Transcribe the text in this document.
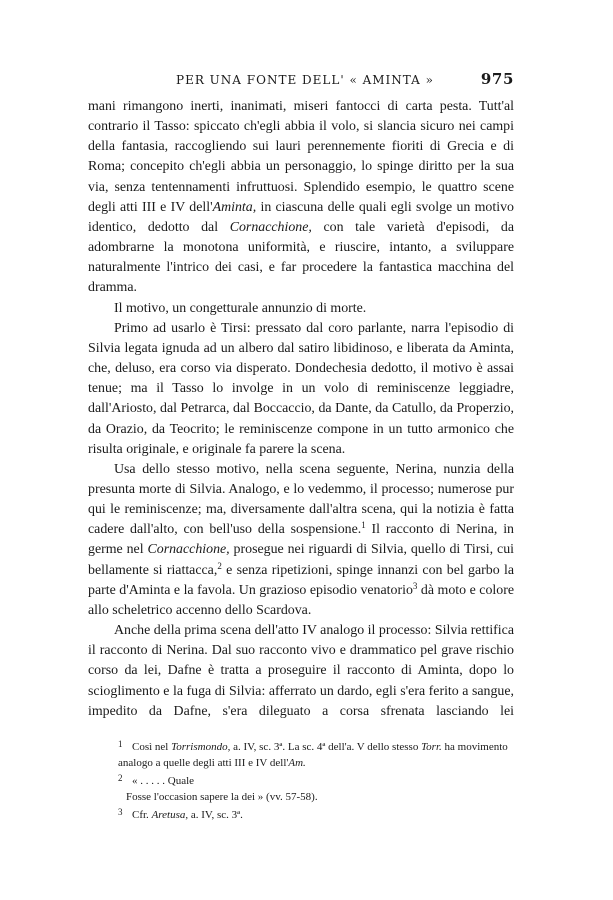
PER UNA FONTE DELL' « AMINTA »	975

mani rimangono inerti, inanimati, miseri fantocci di carta pesta. Tutt'al contrario il Tasso: spiccato ch'egli abbia il volo, si slancia sicuro nei campi della fantasia, raccogliendo sui lauri perennemente fioriti di Grecia e di Roma; concepito ch'egli abbia un personaggio, lo spinge diritto per la sua via, senza tentennamenti infruttuosi. Splendido esempio, le quattro scene degli atti III e IV dell'Aminta, in ciascuna delle quali egli svolge un motivo identico, dedotto dal Cornacchione, con tale varietà d'episodi, da adombrarne la monotona uniformità, e riuscire, intanto, a sviluppare naturalmente l'intrico dei casi, e far procedere la fantastica macchina del dramma.

Il motivo, un congetturale annunzio di morte.

Primo ad usarlo è Tirsi: pressato dal coro parlante, narra l'episodio di Silvia legata ignuda ad un albero dal satiro libidinoso, e liberata da Aminta, che, deluso, era corso via disperato. Dondechesia dedotto, il motivo è assai tenue; ma il Tasso lo involge in un volo di reminiscenze leggiadre, dall'Ariosto, dal Petrarca, dal Boccaccio, da Dante, da Catullo, da Properzio, da Orazio, da Teocrito; le reminiscenze compone in un tutto armonico che risulta originale, e originale fa parere la scena.

Usa dello stesso motivo, nella scena seguente, Nerina, nunzia della presunta morte di Silvia. Analogo, e lo vedemmo, il processo; numerose pur qui le reminiscenze; ma, diversamente dall'altra scena, qui la notizia è fatta cadere dall'alto, con bell'uso della sospensione.$^1$ Il racconto di Nerina, in germe nel Cornacchione, prosegue nei riguardi di Silvia, quello di Tirsi, cui bellamente si riattacca,$^2$ e senza ripetizioni, spinge innanzi con bel garbo la parte d'Aminta e la favola. Un grazioso episodio venatorio$^3$ dà moto e colore allo scheletrico accenno dello Scardova.

Anche della prima scena dell'atto IV analogo il processo: Silvia rettifica il racconto di Nerina. Dal suo racconto vivo e drammatico pel grave rischio corso da lei, Dafne è tratta a proseguire il racconto di Aminta, dopo lo scioglimento e la fuga di Silvia: afferrato un dardo, egli s'era ferito a sangue, impedito da Dafne, s'era dileguato a corsa sfrenata lasciando lei

1 Così nel Torrismondo, a. IV, sc. 3ª. La sc. 4ª dell'a. V dello stesso Torr. ha movimento analogo a quelle degli atti III e IV dell'Am.

2 « . . . . . Quale

Fosse l'occasion sapere la dei » (vv. 57-58).

3 Cfr. Aretusa, a. IV, sc. 3ª.
